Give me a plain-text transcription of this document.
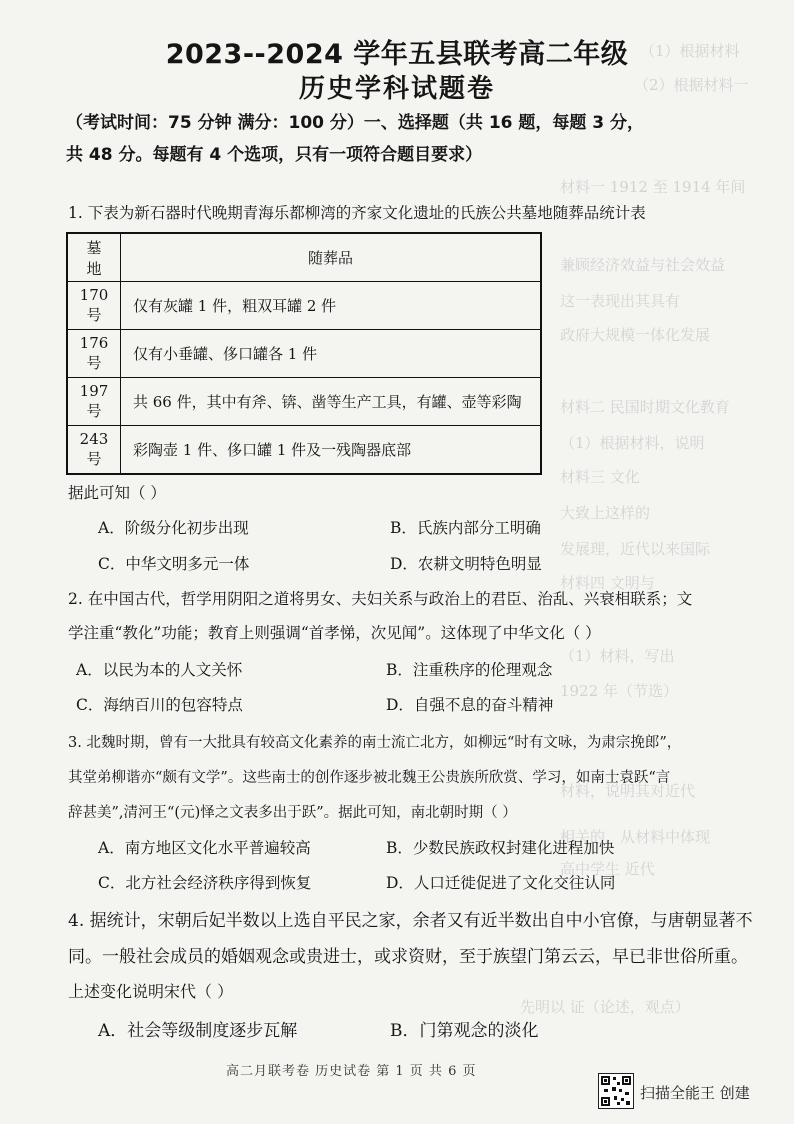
（1）根据材料
（2）根据材料一
材料一 1912 至 1914 年间
兼顾经济效益与社会效益
这一表现出其具有
政府大规模一体化发展
材料二 民国时期文化教育
（1）根据材料，说明
材料三 文化
大致上这样的
发展理，近代以来国际
材料四 文明与
1922 年（节选）
（1）材料，写出
材料，说明其对近代
相关的，从材料中体现
高中学生 近代
先明以 证（论述，观点）
2023--2024 学年五县联考高二年级
历史学科试题卷
（考试时间：75 分钟 满分：100 分）一、选择题（共 16 题，每题 3 分，
共 48 分。每题有 4 个选项，只有一项符合题目要求）
1. 下表为新石器时代晚期青海乐都柳湾的齐家文化遗址的氏族公共墓地随葬品统计表
墓地	随葬品
170 号	仅有灰罐 1 件，粗双耳罐 2 件
176 号	仅有小垂罐、侈口罐各 1 件
197 号	共 66 件，其中有斧、锛、凿等生产工具，有罐、壶等彩陶
243 号	彩陶壶 1 件、侈口罐 1 件及一残陶器底部
据此可知（ ）
A．阶级分化初步出现	B．氏族内部分工明确
C．中华文明多元一体	D．农耕文明特色明显
2. 在中国古代，哲学用阴阳之道将男女、夫妇关系与政治上的君臣、治乱、兴衰相联系；文
学注重“教化”功能；教育上则强调“首孝悌，次见闻”。这体现了中华文化（ ）
A．以民为本的人文关怀	B．注重秩序的伦理观念
C．海纳百川的包容特点	D．自强不息的奋斗精神
3. 北魏时期，曾有一大批具有较高文化素养的南士流亡北方，如柳远“时有文咏，为肃宗挽郎”，
其堂弟柳谐亦“颇有文学”。这些南士的创作逐步被北魏王公贵族所欣赏、学习，如南士袁跃“言
辞甚美”,清河王“(元)怿之文表多出于跃”。据此可知，南北朝时期（ ）
A．南方地区文化水平普遍较高	B．少数民族政权封建化进程加快
C．北方社会经济秩序得到恢复	D．人口迁徙促进了文化交往认同
4. 据统计，宋朝后妃半数以上选自平民之家，余者又有近半数出自中小官僚，与唐朝显著不
同。一般社会成员的婚姻观念或贵进士，或求资财，至于族望门第云云，早已非世俗所重。
上述变化说明宋代（ ）
A．社会等级制度逐步瓦解	B．门第观念的淡化
高二月联考卷 历史试卷 第 1 页 共 6 页
扫描全能王 创建
